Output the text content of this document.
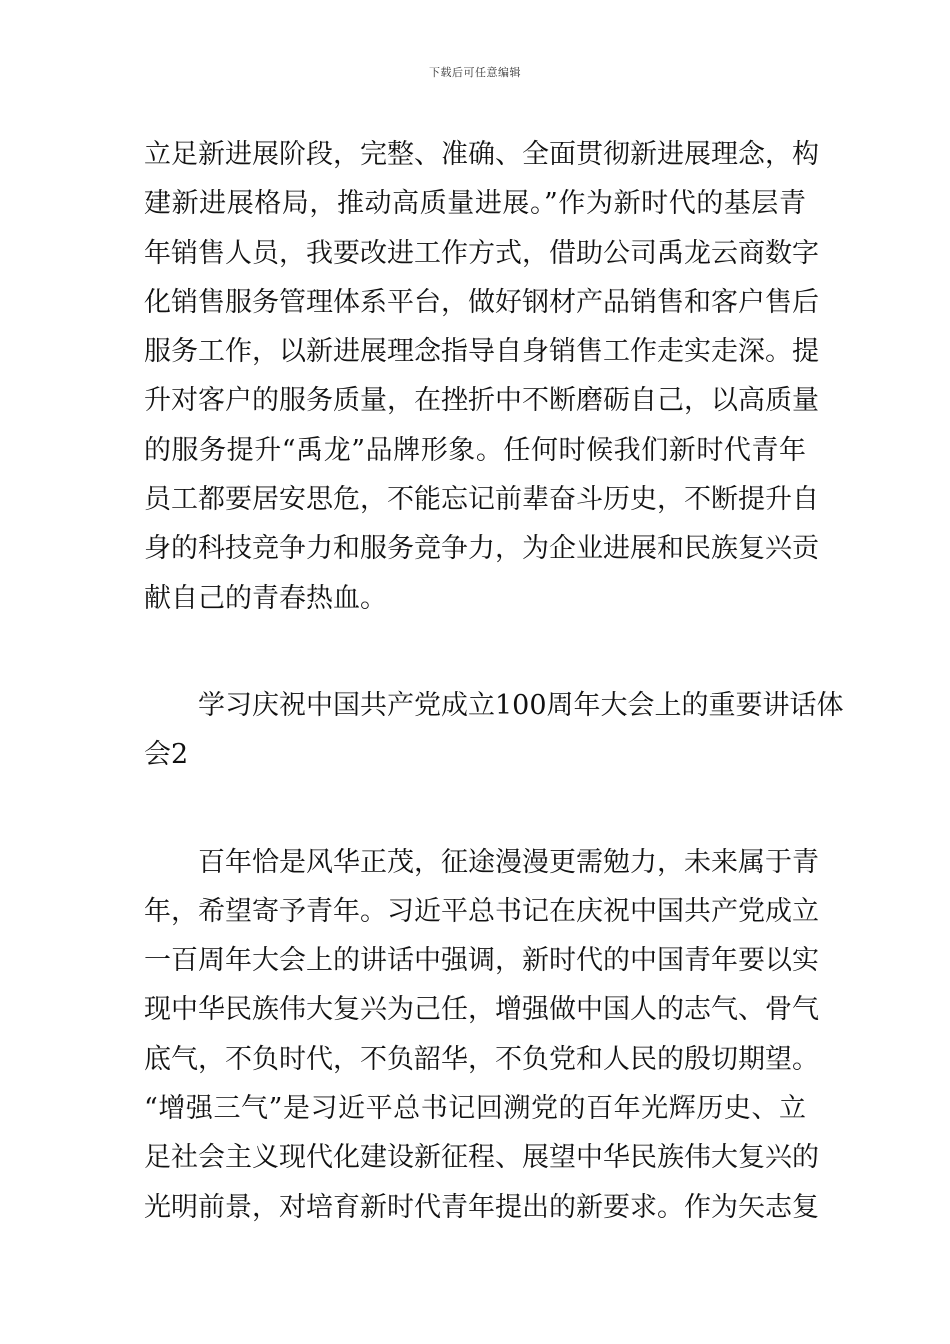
下载后可任意编辑
立足新进展阶段，完整、准确、全面贯彻新进展理念，构
建新进展格局，推动高质量进展。”作为新时代的基层青
年销售人员，我要改进工作方式，借助公司禹龙云商数字
化销售服务管理体系平台，做好钢材产品销售和客户售后
服务工作，以新进展理念指导自身销售工作走实走深。提
升对客户的服务质量，在挫折中不断磨砺自己，以高质量
的服务提升“禹龙”品牌形象。任何时候我们新时代青年
员工都要居安思危，不能忘记前辈奋斗历史，不断提升自
身的科技竞争力和服务竞争力，为企业进展和民族复兴贡
献自己的青春热血。
学习庆祝中国共产党成立100周年大会上的重要讲话体
会2
百年恰是风华正茂，征途漫漫更需勉力，未来属于青
年，希望寄予青年。习近平总书记在庆祝中国共产党成立
一百周年大会上的讲话中强调，新时代的中国青年要以实
现中华民族伟大复兴为己任，增强做中国人的志气、骨气
底气，不负时代，不负韶华，不负党和人民的殷切期望。
“增强三气”是习近平总书记回溯党的百年光辉历史、立
足社会主义现代化建设新征程、展望中华民族伟大复兴的
光明前景，对培育新时代青年提出的新要求。作为矢志复
